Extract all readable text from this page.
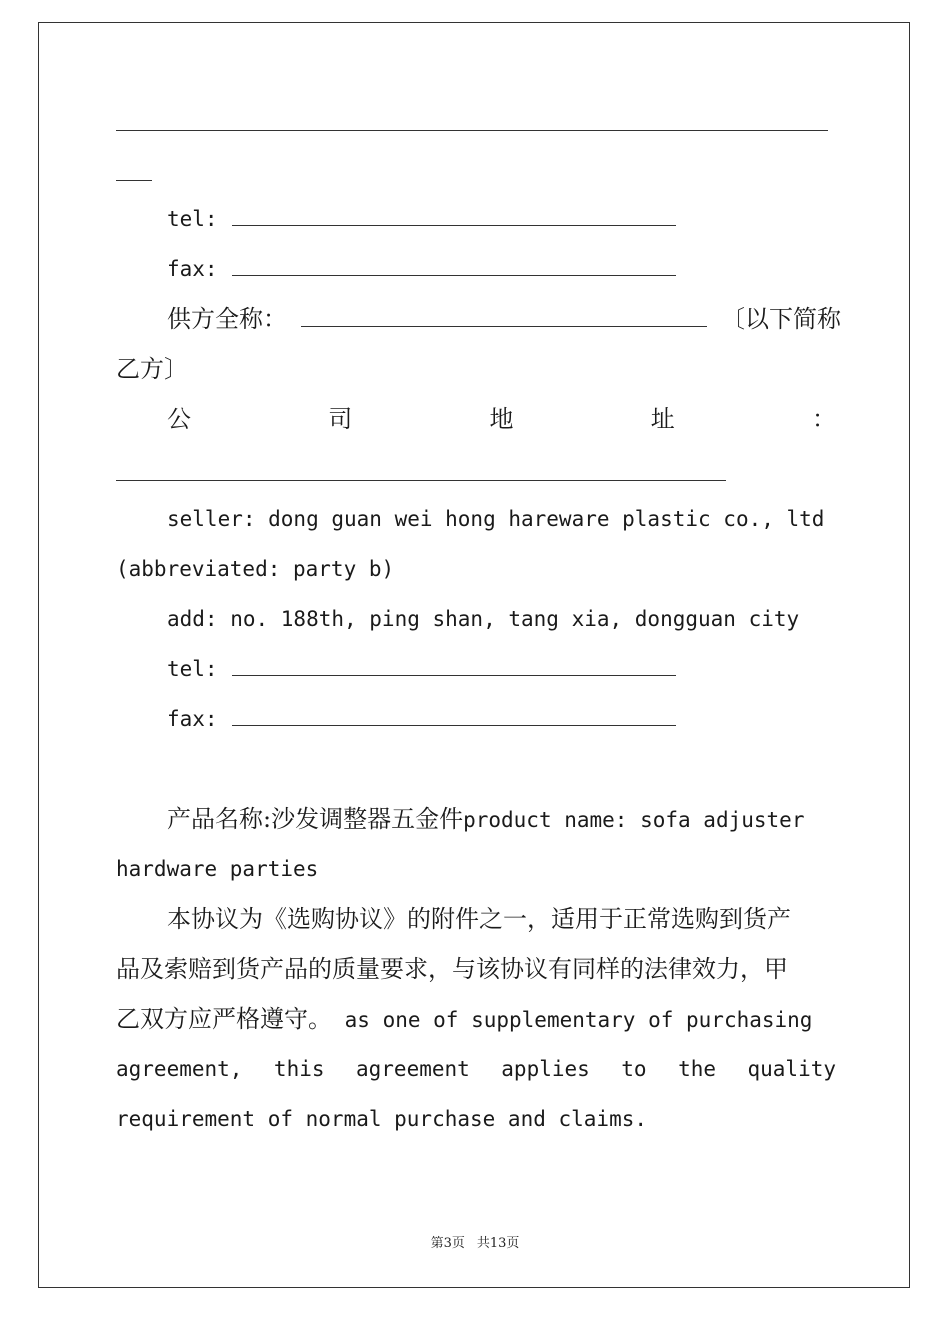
tel:
fax:
供方全称：	〔以下简称
乙方〕
公	司	地	址	：
seller: dong guan wei hong hareware plastic co., ltd
(abbreviated: party b)
add: no. 188th, ping shan, tang xia, dongguan city
tel:
fax:
产品名称:沙发调整器五金件product name: sofa adjuster
hardware parties
本协议为《选购协议》的附件之一，适用于正常选购到货产
品及索赔到货产品的质量要求，与该协议有同样的法律效力，甲
乙双方应严格遵守。 as one of supplementary of purchasing
agreement, this agreement applies to the quality
requirement of normal purchase and claims.
第3页 共13页
